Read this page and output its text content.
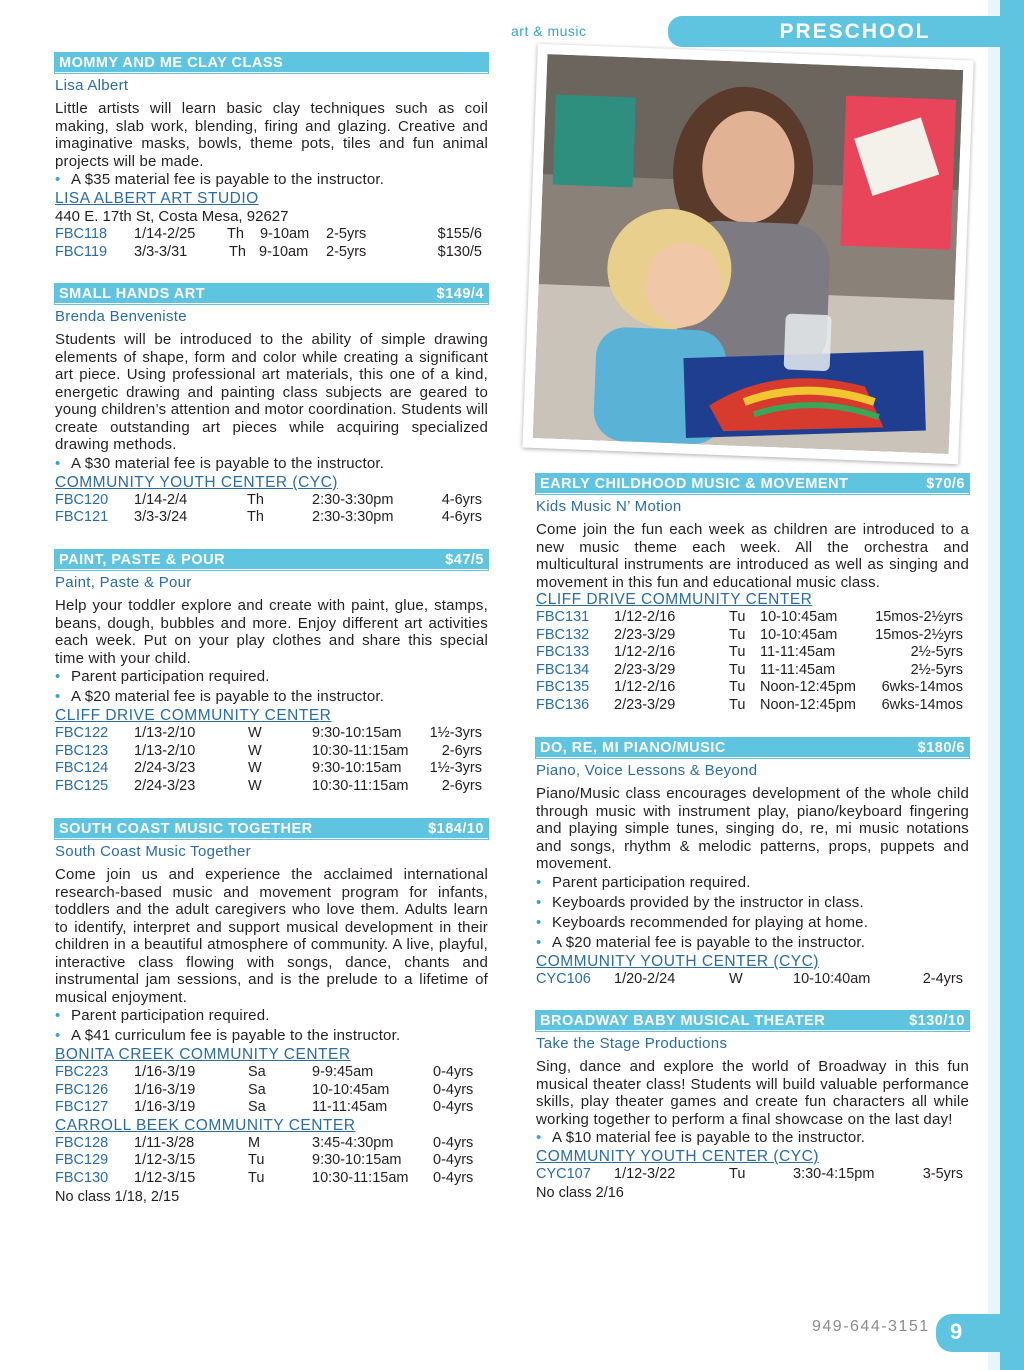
art & music	PRESCHOOL
MOMMY AND ME CLAY CLASS
Lisa Albert
Little artists will learn basic clay techniques such as coil making, slab work, blending, firing and glazing. Creative and imaginative masks, bowls, theme pots, tiles and fun animal projects will be made.
• A $35 material fee is payable to the instructor.
LISA ALBERT ART STUDIO
440 E. 17th St, Costa Mesa, 92627
FBC118 1/14-2/25 Th 9-10am 2-5yrs	$155/6
FBC119 3/3-3/31	Th 9-10am 2-5yrs	$130/5
SMALL HANDS ART	$149/4
Brenda Benveniste
Students will be introduced to the ability of simple drawing elements of shape, form and color while creating a significant art piece. Using professional art materials, this one of a kind, energetic drawing and painting class subjects are geared to young children’s attention and motor coordination. Students will create outstanding art pieces while acquiring specialized drawing methods.
• A $30 material fee is payable to the instructor.
COMMUNITY YOUTH CENTER (CYC)
FBC120 1/14-2/4	Th	2:30-3:30pm	4-6yrs
FBC121 3/3-3/24	Th	2:30-3:30pm	4-6yrs
PAINT, PASTE & POUR	$47/5
Paint, Paste & Pour
Help your toddler explore and create with paint, glue, stamps, beans, dough, bubbles and more. Enjoy different art activities each week. Put on your play clothes and share this special time with your child.
• Parent participation required.
• A $20 material fee is payable to the instructor.
CLIFF DRIVE COMMUNITY CENTER
FBC122 1/13-2/10	W	9:30-10:15am 1½-3yrs
FBC123 1/13-2/10	W	10:30-11:15am 2-6yrs
FBC124 2/24-3/23	W	9:30-10:15am 1½-3yrs
FBC125 2/24-3/23	W	10:30-11:15am 2-6yrs
SOUTH COAST MUSIC TOGETHER	$184/10
South Coast Music Together
Come join us and experience the acclaimed international research-based music and movement program for infants, toddlers and the adult caregivers who love them. Adults learn to identify, interpret and support musical development in their children in a beautiful atmosphere of community. A live, playful, interactive class flowing with songs, dance, chants and instrumental jam sessions, and is the prelude to a lifetime of musical enjoyment.
• Parent participation required.
• A $41 curriculum fee is payable to the instructor.
BONITA CREEK COMMUNITY CENTER
FBC223 1/16-3/19	Sa	9-9:45am	0-4yrs
FBC126 1/16-3/19	Sa	10-10:45am	0-4yrs
FBC127 1/16-3/19	Sa	11-11:45am	0-4yrs
CARROLL BEEK COMMUNITY CENTER
FBC128 1/11-3/28	M	3:45-4:30pm	0-4yrs
FBC129 1/12-3/15	Tu	9:30-10:15am 0-4yrs
FBC130 1/12-3/15	Tu	10:30-11:15am 0-4yrs
No class 1/18, 2/15
EARLY CHILDHOOD MUSIC & MOVEMENT	$70/6
Kids Music N’ Motion
Come join the fun each week as children are introduced to a new music theme each week. All the orchestra and multicultural instruments are introduced as well as singing and movement in this fun and educational music class.
CLIFF DRIVE COMMUNITY CENTER
FBC131 1/12-2/16	Tu 10-10:45am	15mos-2½yrs
FBC132 2/23-3/29	Tu 10-10:45am	15mos-2½yrs
FBC133 1/12-2/16	Tu 11-11:45am	2½-5yrs
FBC134 2/23-3/29	Tu 11-11:45am	2½-5yrs
FBC135 1/12-2/16	Tu Noon-12:45pm 6wks-14mos
FBC136 2/23-3/29	Tu Noon-12:45pm 6wks-14mos
DO, RE, MI PIANO/MUSIC	$180/6
Piano, Voice Lessons & Beyond
Piano/Music class encourages development of the whole child through music with instrument play, piano/keyboard fingering and playing simple tunes, singing do, re, mi music notations and songs, rhythm & melodic patterns, props, puppets and movement.
• Parent participation required.
• Keyboards provided by the instructor in class.
• Keyboards recommended for playing at home.
• A $20 material fee is payable to the instructor.
COMMUNITY YOUTH CENTER (CYC)
CYC106 1/20-2/24	W	10-10:40am	2-4yrs
BROADWAY BABY MUSICAL THEATER	$130/10
Take the Stage Productions
Sing, dance and explore the world of Broadway in this fun musical theater class! Students will build valuable performance skills, play theater games and create fun characters all while working together to perform a final showcase on the last day!
• A $10 material fee is payable to the instructor.
COMMUNITY YOUTH CENTER (CYC)
CYC107 1/12-3/22	Tu	3:30-4:15pm	3-5yrs
No class 2/16
949-644-3151 9
